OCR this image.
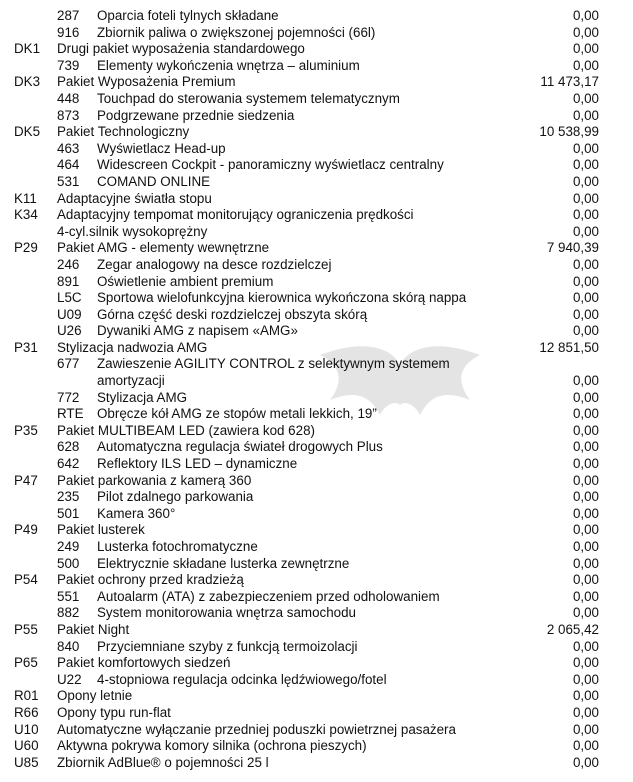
287 Oparcia foteli tylnych składane	0,00
916 Zbiornik paliwa o zwiększonej pojemności (66l)	0,00
DK1 Drugi pakiet wyposażenia standardowego	0,00
739 Elementy wykończenia wnętrza – aluminium	0,00
DK3 Pakiet Wyposażenia Premium	11 473,17
448 Touchpad do sterowania systemem telematycznym	0,00
873 Podgrzewane przednie siedzenia	0,00
DK5 Pakiet Technologiczny	10 538,99
463 Wyświetlacz Head-up	0,00
464 Widescreen Cockpit - panoramiczny wyświetlacz centralny	0,00
531 COMAND ONLINE	0,00
K11 Adaptacyjne światła stopu	0,00
K34 Adaptacyjny tempomat monitorujący ograniczenia prędkości	0,00
4-cyl.silnik wysokoprężny	0,00
P29 Pakiet AMG - elementy wewnętrzne	7 940,39
246 Zegar analogowy na desce rozdzielczej	0,00
891 Oświetlenie ambient premium	0,00
L5C Sportowa wielofunkcyjna kierownica wykończona skórą nappa	0,00
U09 Górna część deski rozdzielczej obszyta skórą	0,00
U26 Dywaniki AMG z napisem «AMG»	0,00
P31 Stylizacja nadwozia AMG	12 851,50
677 Zawieszenie AGILITY CONTROL z selektywnym systemem amortyzacji	0,00
772 Stylizacja AMG	0,00
RTE Obręcze kół AMG ze stopów metali lekkich, 19”	0,00
P35 Pakiet MULTIBEAM LED (zawiera kod 628)	0,00
628 Automatyczna regulacja świateł drogowych Plus	0,00
642 Reflektory ILS LED – dynamiczne	0,00
P47 Pakiet parkowania z kamerą 360	0,00
235 Pilot zdalnego parkowania	0,00
501 Kamera 360°	0,00
P49 Pakiet lusterek	0,00
249 Lusterka fotochromatyczne	0,00
500 Elektrycznie składane lusterka zewnętrzne	0,00
P54 Pakiet ochrony przed kradzieżą	0,00
551 Autoalarm (ATA) z zabezpieczeniem przed odholowaniem	0,00
882 System monitorowania wnętrza samochodu	0,00
P55 Pakiet Night	2 065,42
840 Przyciemniane szyby z funkcją termoizolacji	0,00
P65 Pakiet komfortowych siedzeń	0,00
U22 4-stopniowa regulacja odcinka lędźwiowego/fotel	0,00
R01 Opony letnie	0,00
R66 Opony typu run-flat	0,00
U10 Automatyczne wyłączanie przedniej poduszki powietrznej pasażera	0,00
U60 Aktywna pokrywa komory silnika (ochrona pieszych)	0,00
U85 Zbiornik AdBlue® o pojemności 25 l	0,00
